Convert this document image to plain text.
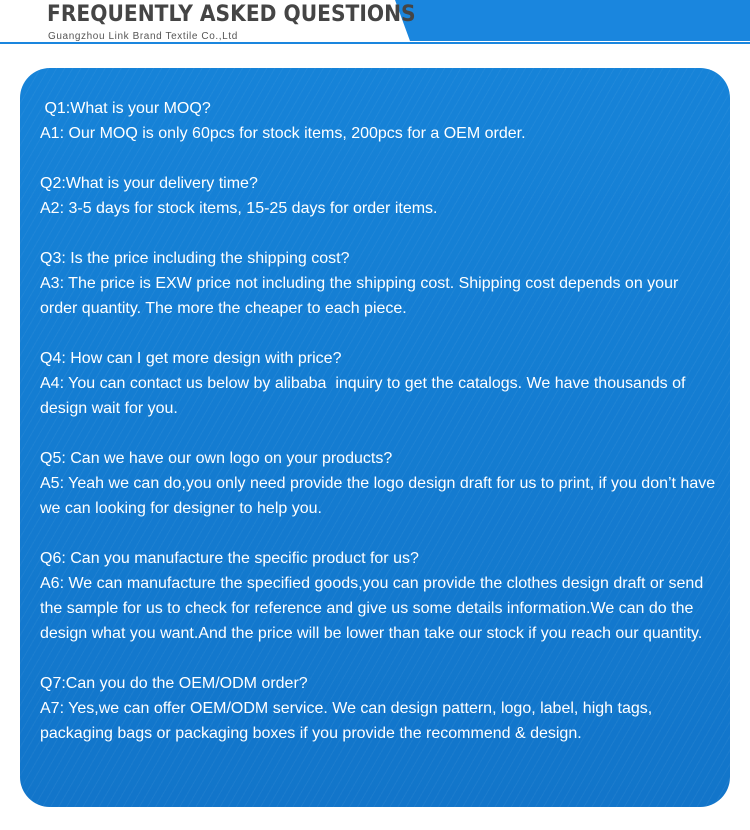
FREQUENTLY ASKED QUESTIONS
Guangzhou Link Brand Textile Co.,Ltd
Q1:What is your MOQ?
A1: Our MOQ is only 60pcs for stock items, 200pcs for a OEM order.
Q2:What is your delivery time?
A2: 3-5 days for stock items, 15-25 days for order items.
Q3: Is the price including the shipping cost?
A3: The price is EXW price not including the shipping cost. Shipping cost depends on your order quantity. The more the cheaper to each piece.
Q4: How can I get more design with price?
A4: You can contact us below by alibaba  inquiry to get the catalogs. We have thousands of design wait for you.
Q5: Can we have our own logo on your products?
A5: Yeah we can do,you only need provide the logo design draft for us to print, if you don’t have we can looking for designer to help you.
Q6: Can you manufacture the specific product for us?
A6: We can manufacture the specified goods,you can provide the clothes design draft or send the sample for us to check for reference and give us some details information.We can do the design what you want.And the price will be lower than take our stock if you reach our quantity.
Q7:Can you do the OEM/ODM order?
A7: Yes,we can offer OEM/ODM service. We can design pattern, logo, label, high tags, packaging bags or packaging boxes if you provide the recommend & design.
